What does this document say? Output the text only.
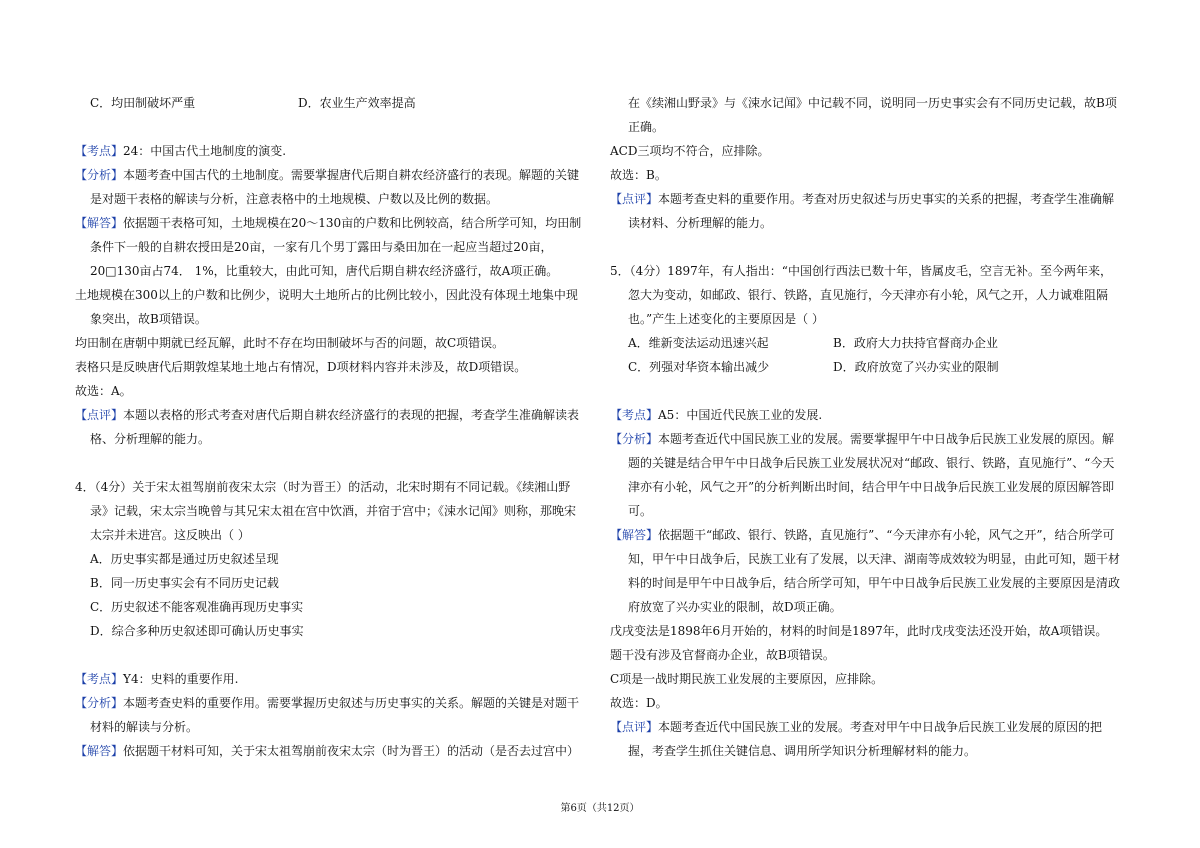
C．均田制破坏严重	D．农业生产效率提高
【考点】24：中国古代土地制度的演变.
【分析】本题考查中国古代的土地制度。需要掌握唐代后期自耕农经济盛行的表现。解题的关键
是对题干表格的解读与分析，注意表格中的土地规模、户数以及比例的数据。
【解答】依据题干表格可知，土地规模在20～130亩的户数和比例较高，结合所学可知，均田制
条件下一般的自耕农授田是20亩，一家有几个男丁露田与桑田加在一起应当超过20亩，
20□130亩占74． 1%，比重较大，由此可知，唐代后期自耕农经济盛行，故A项正确。
土地规模在300以上的户数和比例少，说明大土地所占的比例比较小，因此没有体现土地集中现
象突出，故B项错误。
均田制在唐朝中期就已经瓦解，此时不存在均田制破坏与否的问题，故C项错误。
表格只是反映唐代后期敦煌某地土地占有情况，D项材料内容并未涉及，故D项错误。
故选：A。
【点评】本题以表格的形式考查对唐代后期自耕农经济盛行的表现的把握，考查学生准确解读表
格、分析理解的能力。
4．（4分）关于宋太祖驾崩前夜宋太宗（时为晋王）的活动，北宋时期有不同记载。《续湘山野
录》记载，宋太宗当晚曾与其兄宋太祖在宫中饮酒，并宿于宫中；《涑水记闻》则称，那晚宋
太宗并未进宫。这反映出（ ）
A．历史事实都是通过历史叙述呈现
B．同一历史事实会有不同历史记载
C．历史叙述不能客观准确再现历史事实
D．综合多种历史叙述即可确认历史事实
【考点】Y4：史料的重要作用.
【分析】本题考查史料的重要作用。需要掌握历史叙述与历史事实的关系。解题的关键是对题干
材料的解读与分析。
【解答】依据题干材料可知，关于宋太祖驾崩前夜宋太宗（时为晋王）的活动（是否去过宫中）
在《续湘山野录》与《涑水记闻》中记载不同，说明同一历史事实会有不同历史记载，故B项
正确。
ACD三项均不符合，应排除。
故选：B。
【点评】本题考查史料的重要作用。考查对历史叙述与历史事实的关系的把握，考查学生准确解
读材料、分析理解的能力。
5．（4分）1897年，有人指出：“中国创行西法已数十年，皆属皮毛，空言无补。至今两年来，
忽大为变动，如邮政、银行、铁路，直见施行，今天津亦有小轮，风气之开，人力诚难阻隔
也。”产生上述变化的主要原因是（ ）
A．维新变法运动迅速兴起	B．政府大力扶持官督商办企业
C．列强对华资本输出减少	D．政府放宽了兴办实业的限制
【考点】A5：中国近代民族工业的发展.
【分析】本题考查近代中国民族工业的发展。需要掌握甲午中日战争后民族工业发展的原因。解
题的关键是结合甲午中日战争后民族工业发展状况对“邮政、银行、铁路，直见施行”、“今天
津亦有小轮，风气之开”的分析判断出时间，结合甲午中日战争后民族工业发展的原因解答即
可。
【解答】依据题干“邮政、银行、铁路，直见施行”、“今天津亦有小轮，风气之开”，结合所学可
知，甲午中日战争后，民族工业有了发展，以天津、湖南等成效较为明显，由此可知，题干材
料的时间是甲午中日战争后，结合所学可知，甲午中日战争后民族工业发展的主要原因是清政
府放宽了兴办实业的限制，故D项正确。
戊戌变法是1898年6月开始的，材料的时间是1897年，此时戊戌变法还没开始，故A项错误。
题干没有涉及官督商办企业，故B项错误。
C项是一战时期民族工业发展的主要原因，应排除。
故选：D。
【点评】本题考查近代中国民族工业的发展。考查对甲午中日战争后民族工业发展的原因的把
握，考查学生抓住关键信息、调用所学知识分析理解材料的能力。
第6页（共12页）
